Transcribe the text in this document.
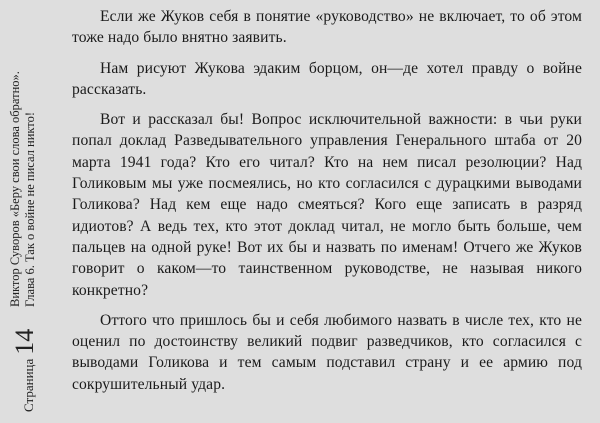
Страница14
Виктор Суворов «Беру свои слова обратно». Глава 6. Так о войне не писал никто!

Если же Жуков себя в понятие «руководство» не включает, то об этом тоже надо было внятно заявить.

Нам рисуют Жукова эдаким борцом, он—де хотел правду о войне рассказать.

Вот и рассказал бы! Вопрос исключительной важности: в чьи руки попал доклад Разведывательного управления Генерального штаба от 20 марта 1941 года? Кто его читал? Кто на нем писал резолюции? Над Голиковым мы уже посмеялись, но кто согласился с дурацкими выводами Голикова? Над кем еще надо смеяться? Кого еще записать в разряд идиотов? А ведь тех, кто этот доклад читал, не могло быть больше, чем пальцев на одной руке! Вот их бы и назвать по именам! Отчего же Жуков говорит о каком—то таинственном руководстве, не называя никого конкретно?

Оттого что пришлось бы и себя любимого назвать в числе тех, кто не оценил по достоинству великий подвиг разведчиков, кто согласился с выводами Голикова и тем самым подставил страну и ее армию под сокрушительный удар.
